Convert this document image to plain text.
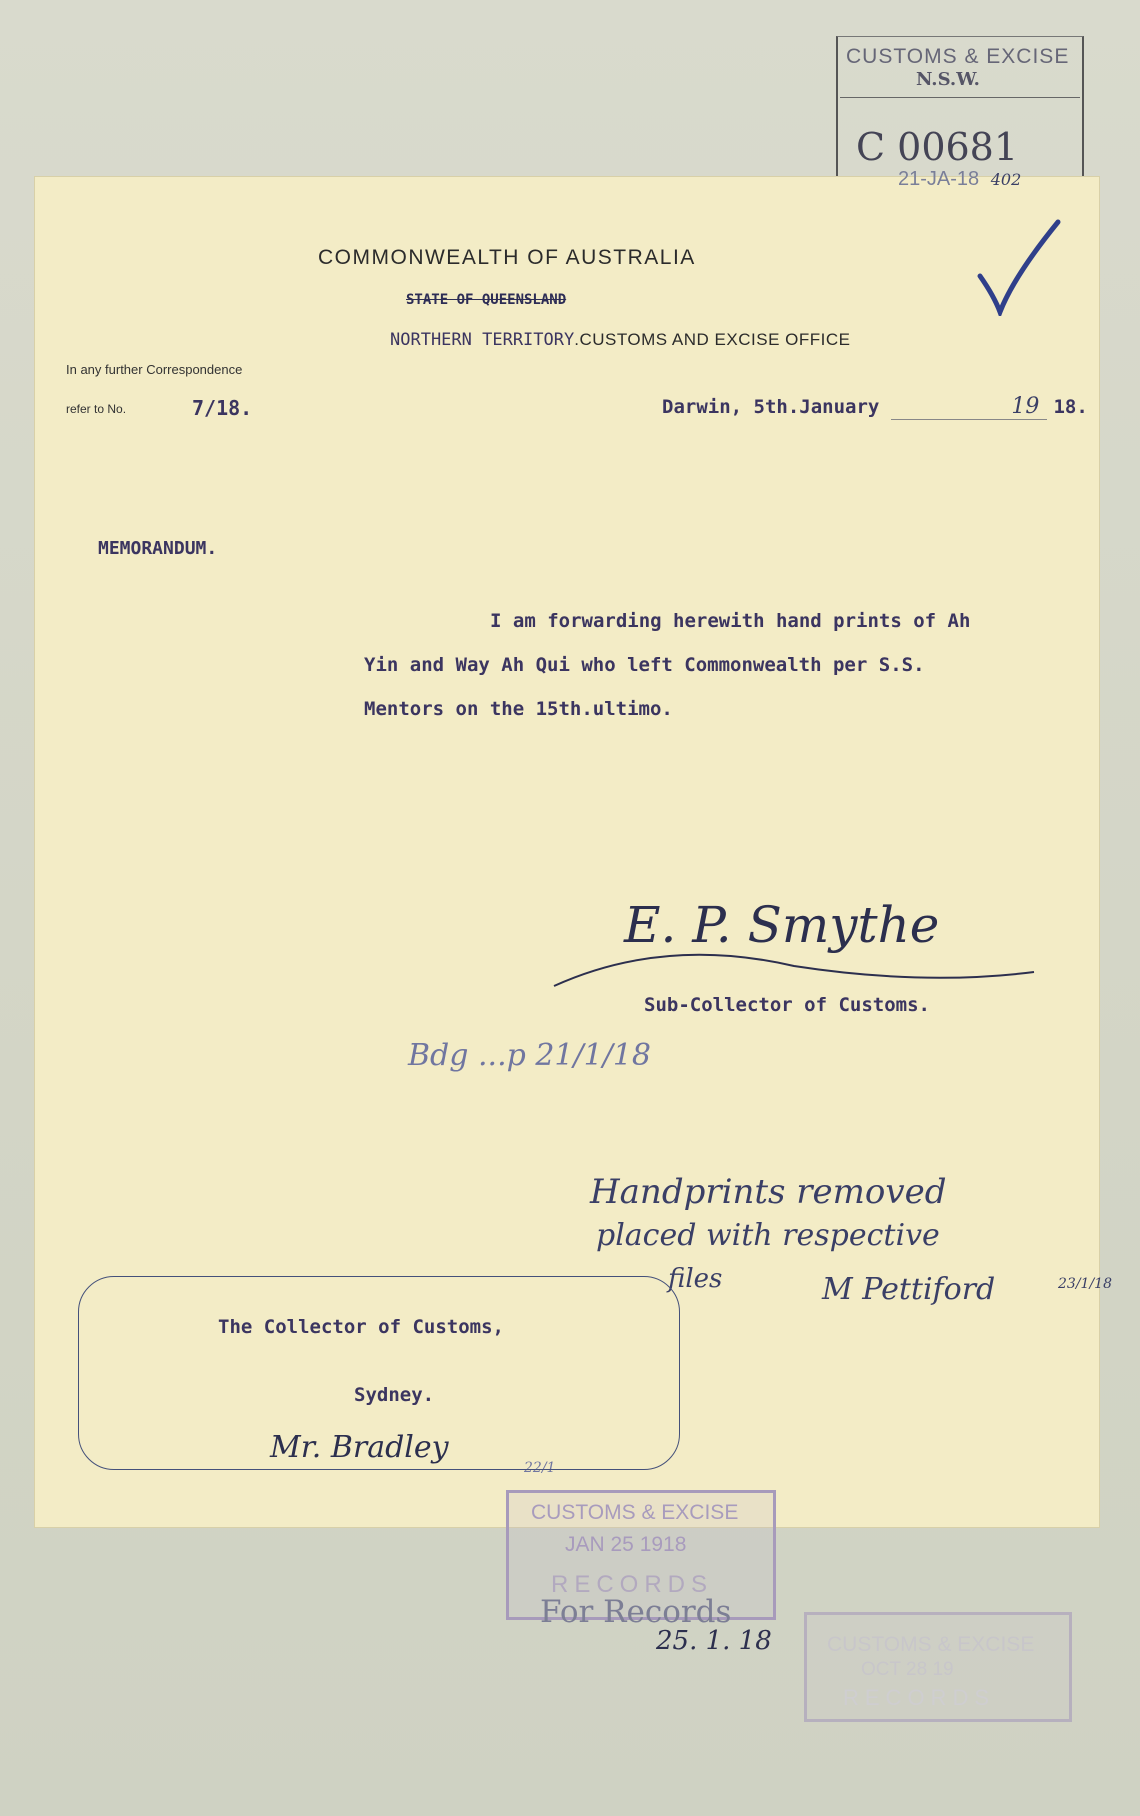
CUSTOMS & EXCISE
N.S.W.
C 00681
21-JA-18 402
COMMONWEALTH OF AUSTRALIA
STATE OF QUEENSLAND
NORTHERN TERRITORY.CUSTOMS AND EXCISE OFFICE
In any further Correspondence
refer to No.	7/18.	Darwin, 5th.January	19 18.
MEMORANDUM.
I am forwarding herewith hand prints of Ah
Yin and Way Ah Qui who left Commonwealth per S.S.
Mentors on the 15th.ultimo.
E. P. Smythe
Sub-Collector of Customs.
Bdg ...p 21/1/18
Handprints removed
placed with respective
files	M Pettiford	23/1/18
Mr. Bradley
22/1
The Collector of Customs,
Sydney.
CUSTOMS & EXCISE
JAN 25 1918
RECORDS
For Records
25. 1. 18	CUSTOMS & EXCISE
OCT 28 19
RECORDS
